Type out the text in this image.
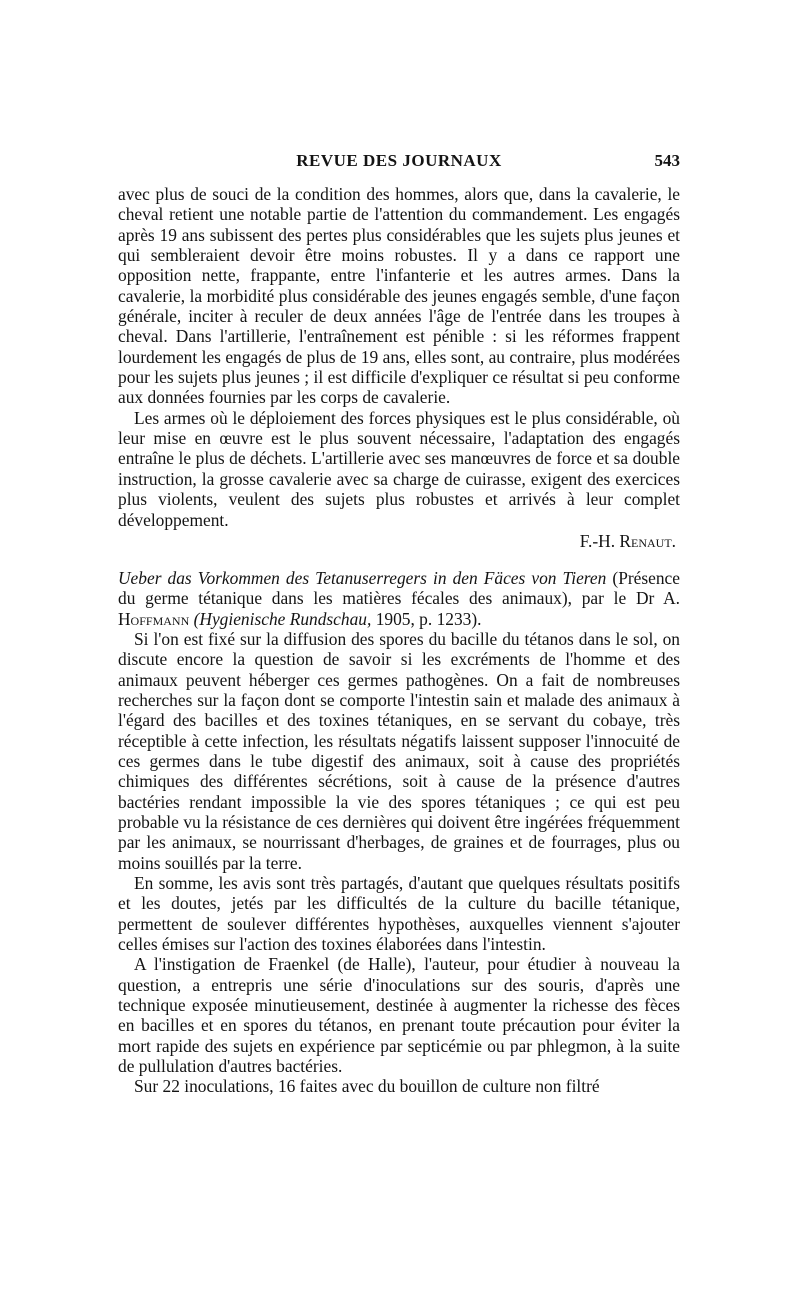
REVUE DES JOURNAUX	543

avec plus de souci de la condition des hommes, alors que, dans la cavalerie, le cheval retient une notable partie de l'attention du commandement. Les engagés après 19 ans subissent des pertes plus considérables que les sujets plus jeunes et qui sembleraient devoir être moins robustes. Il y a dans ce rapport une opposition nette, frappante, entre l'infanterie et les autres armes. Dans la cavalerie, la morbidité plus considérable des jeunes engagés semble, d'une façon générale, inciter à reculer de deux années l'âge de l'entrée dans les troupes à cheval. Dans l'artillerie, l'entraînement est pénible : si les réformes frappent lourdement les engagés de plus de 19 ans, elles sont, au contraire, plus modérées pour les sujets plus jeunes ; il est difficile d'expliquer ce résultat si peu conforme aux données fournies par les corps de cavalerie.

Les armes où le déploiement des forces physiques est le plus considérable, où leur mise en œuvre est le plus souvent nécessaire, l'adaptation des engagés entraîne le plus de déchets. L'artillerie avec ses manœuvres de force et sa double instruction, la grosse cavalerie avec sa charge de cuirasse, exigent des exercices plus violents, veulent des sujets plus robustes et arrivés à leur complet développement.

F.-H. Renaut.

Ueber das Vorkommen des Tetanuserregers in den Fäces von Tieren (Présence du germe tétanique dans les matières fécales des animaux), par le Dr A. Hoffmann (Hygienische Rundschau, 1905, p. 1233).

Si l'on est fixé sur la diffusion des spores du bacille du tétanos dans le sol, on discute encore la question de savoir si les excréments de l'homme et des animaux peuvent héberger ces germes pathogènes. On a fait de nombreuses recherches sur la façon dont se comporte l'intestin sain et malade des animaux à l'égard des bacilles et des toxines tétaniques, en se servant du cobaye, très réceptible à cette infection, les résultats négatifs laissent supposer l'innocuité de ces germes dans le tube digestif des animaux, soit à cause des propriétés chimiques des différentes sécrétions, soit à cause de la présence d'autres bactéries rendant impossible la vie des spores tétaniques ; ce qui est peu probable vu la résistance de ces dernières qui doivent être ingérées fréquemment par les animaux, se nourrissant d'herbages, de graines et de fourrages, plus ou moins souillés par la terre.

En somme, les avis sont très partagés, d'autant que quelques résultats positifs et les doutes, jetés par les difficultés de la culture du bacille tétanique, permettent de soulever différentes hypothèses, auxquelles viennent s'ajouter celles émises sur l'action des toxines élaborées dans l'intestin.

A l'instigation de Fraenkel (de Halle), l'auteur, pour étudier à nouveau la question, a entrepris une série d'inoculations sur des souris, d'après une technique exposée minutieusement, destinée à augmenter la richesse des fèces en bacilles et en spores du tétanos, en prenant toute précaution pour éviter la mort rapide des sujets en expérience par septicémie ou par phlegmon, à la suite de pullulation d'autres bactéries.

Sur 22 inoculations, 16 faites avec du bouillon de culture non filtré
